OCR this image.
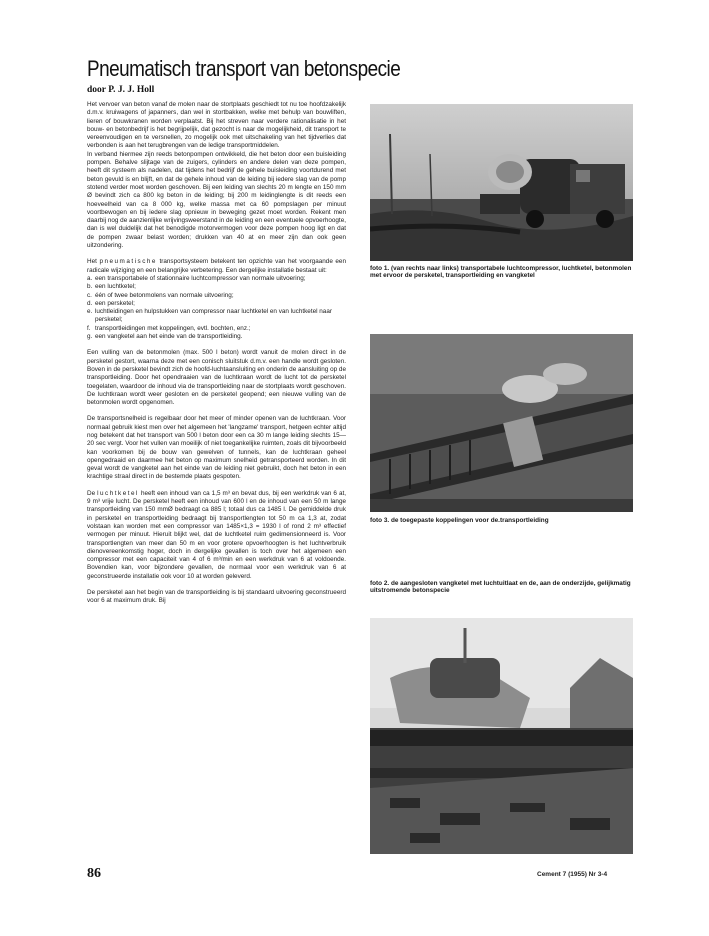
Pneumatisch transport van betonspecie
door P. J. J. Holl

Het vervoer van beton vanaf de molen naar de stortplaats geschiedt tot nu toe hoofdzakelijk d.m.v. kruiwagens of japanners, dan wel in stortbakken, welke met behulp van bouwliften, lieren of bouwkranen worden verplaatst. Bij het streven naar verdere rationalisatie in het bouw- en betonbedrijf is het begrijpelijk, dat gezocht is naar de mogelijkheid, dit transport te vereenvoudigen en te versnellen, zo mogelijk ook met uitschakeling van het tijdverlies dat verbonden is aan het terugbrengen van de ledige transportmiddelen.

In verband hiermee zijn reeds betonpompen ontwikkeld, die het beton door een buisleiding pompen. Behalve slijtage van de zuigers, cylinders en andere delen van deze pompen, heeft dit systeem als nadelen, dat tijdens het bedrijf de gehele buisleiding voortdurend met beton gevuld is en blijft, en dat de gehele inhoud van de leiding bij iedere slag van de pomp stotend verder moet worden geschoven. Bij een leiding van slechts 20 m lengte en 150 mm Ø bevindt zich ca 800 kg beton in de leiding; bij 200 m leidinglengte is dit reeds een hoeveelheid van ca 8 000 kg, welke massa met ca 60 pompslagen per minuut voortbewogen en bij iedere slag opnieuw in beweging gezet moet worden. Rekent men daarbij nog de aanzienlijke wrijvingsweerstand in de leiding en een eventuele opvoerhoogte, dan is wel duidelijk dat het benodigde motorvermogen voor deze pompen hoog ligt en dat de pompen zwaar belast worden; drukken van 40 at en meer zijn dan ook geen uitzondering.

Het pneumatische transportsysteem betekent ten opzichte van het voorgaande een radicale wijziging en een belangrijke verbetering. Een dergelijke installatie bestaat uit:

a. een transportabele of stationnaire luchtcompressor van normale uitvoering;
b. een luchtketel;
c. één of twee betonmolens van normale uitvoering;
d. een persketel;
e. luchtleidingen en hulpstukken van compressor naar luchtketel en van luchtketel naar persketel;
f. transportleidingen met koppelingen, evtl. bochten, enz.;
g. een vangketel aan het einde van de transportleiding.

Een vulling van de betonmolen (max. 500 l beton) wordt vanuit de molen direct in de persketel gestort, waarna deze met een conisch sluitstuk d.m.v. een handle wordt gesloten. Boven in de persketel bevindt zich de hoofd-luchtaansluiting en onderin de aansluiting op de transportleiding. Door het opendraaien van de luchtkraan wordt de lucht tot de persketel toegelaten, waardoor de inhoud via de transportleiding naar de stortplaats wordt geschoven. De luchtkraan wordt weer gesloten en de persketel geopend; een nieuwe vulling van de betonmolen wordt opgenomen.

De transportsnelheid is regelbaar door het meer of minder openen van de luchtkraan. Voor normaal gebruik kiest men over het algemeen het 'langzame' transport, hetgeen echter altijd nog betekent dat het transport van 500 l beton door een ca 30 m lange leiding slechts 15—20 sec vergt. Voor het vullen van moeilijk of niet toegankelijke ruimten, zoals dit bijvoorbeeld kan voorkomen bij de bouw van gewelven of tunnels, kan de luchtkraan geheel opengedraaid en daarmee het beton op maximum snelheid getransporteerd worden. In dit geval wordt de vangketel aan het einde van de leiding niet gebruikt, doch het beton in een krachtige straal direct in de bestemde plaats gespoten.

De luchtketel heeft een inhoud van ca 1,5 m³ en bevat dus, bij een werkdruk van 6 at, 9 m³ vrije lucht. De persketel heeft een inhoud van 600 l en de inhoud van een 50 m lange transportleiding van 150 mmØ bedraagt ca 885 l; totaal dus ca 1485 l. De gemiddelde druk in persketel en transportleiding bedraagt bij transportlengten tot 50 m ca 1,3 at, zodat volstaan kan worden met een compressor van 1485×1,3 = 1930 l of rond 2 m³ effectief vermogen per minuut. Hieruit blijkt wel, dat de luchtketel ruim gedimensionneerd is. Voor transportlengten van meer dan 50 m en voor grotere opvoerhoogten is het luchtverbruik dienovereenkomstig hoger, doch in dergelijke gevallen is toch over het algemeen een compressor met een capaciteit van 4 of 6 m³/min en een werkdruk van 6 at voldoende. Bovendien kan, voor bijzondere gevallen, de normaal voor een werkdruk van 6 at geconstrueerde installatie ook voor 10 at worden geleverd.

De persketel aan het begin van de transportleiding is bij standaard uitvoering geconstrueerd voor 6 at maximum druk. Bij

foto 1. (van rechts naar links) transportabele luchtcompressor, luchtketel, betonmolen met ervoor de persketel, transportleiding en vangketel
foto 3. de toegepaste koppelingen voor de.transportleiding
foto 2. de aangesloten vangketel met luchtuitlaat en de, aan de onderzijde, gelijkmatig uitstromende betonspecie
86	Cement 7 (1955) Nr 3-4
